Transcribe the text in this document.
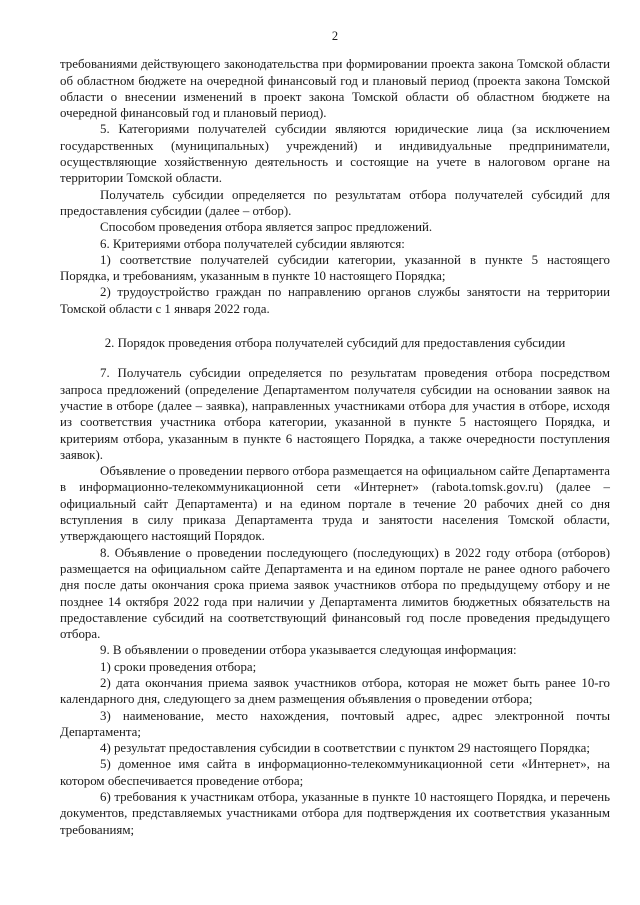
2

требованиями действующего законодательства при формировании проекта закона Томской области об областном бюджете на очередной финансовый год и плановый период (проекта закона Томской области о внесении изменений в проект закона Томской области об областном бюджете на очередной финансовый год и плановый период).

5. Категориями получателей субсидии являются юридические лица (за исключением государственных (муниципальных) учреждений) и индивидуальные предприниматели, осуществляющие хозяйственную деятельность и состоящие на учете в налоговом органе на территории Томской области.

Получатель субсидии определяется по результатам отбора получателей субсидий для предоставления субсидии (далее – отбор).

Способом проведения отбора является запрос предложений.

6. Критериями отбора получателей субсидии являются:

1) соответствие получателей субсидии категории, указанной в пункте 5 настоящего Порядка, и требованиям, указанным в пункте 10 настоящего Порядка;

2) трудоустройство граждан по направлению органов службы занятости на территории Томской области с 1 января 2022 года.

2. Порядок проведения отбора получателей субсидий для предоставления субсидии

7. Получатель субсидии определяется по результатам проведения отбора посредством запроса предложений (определение Департаментом получателя субсидии на основании заявок на участие в отборе (далее – заявка), направленных участниками отбора для участия в отборе, исходя из соответствия участника отбора категории, указанной в пункте 5 настоящего Порядка, и критериям отбора, указанным в пункте 6 настоящего Порядка, а также очередности поступления заявок).

Объявление о проведении первого отбора размещается на официальном сайте Департамента в информационно-телекоммуникационной сети «Интернет» (rabota.tomsk.gov.ru) (далее – официальный сайт Департамента) и на едином портале в течение 20 рабочих дней со дня вступления в силу приказа Департамента труда и занятости населения Томской области, утверждающего настоящий Порядок.

8. Объявление о проведении последующего (последующих) в 2022 году отбора (отборов) размещается на официальном сайте Департамента и на едином портале не ранее одного рабочего дня после даты окончания срока приема заявок участников отбора по предыдущему отбору и не позднее 14 октября 2022 года при наличии у Департамента лимитов бюджетных обязательств на предоставление субсидий на соответствующий финансовый год после проведения предыдущего отбора.

9. В объявлении о проведении отбора указывается следующая информация:

1) сроки проведения отбора;

2) дата окончания приема заявок участников отбора, которая не может быть ранее 10-го календарного дня, следующего за днем размещения объявления о проведении отбора;

3) наименование, место нахождения, почтовый адрес, адрес электронной почты Департамента;

4) результат предоставления субсидии в соответствии с пунктом 29 настоящего Порядка;

5) доменное имя сайта в информационно-телекоммуникационной сети «Интернет», на котором обеспечивается проведение отбора;

6) требования к участникам отбора, указанные в пункте 10 настоящего Порядка, и перечень документов, представляемых участниками отбора для подтверждения их соответствия указанным требованиям;
